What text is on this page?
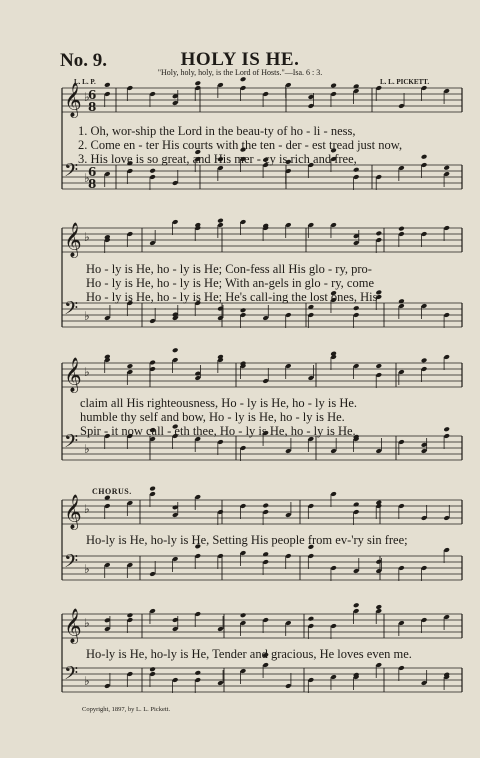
𝄞
𝄢
♭
♭
𝄞
𝄢
♭
♭
𝄞
𝄢
♭
♭
𝄞
𝄢
♭
♭
𝄞
𝄢
♭
♭
6
6
8
8
No. 9.	HOLY IS HE.
"Holy, holy, holy, is the Lord of Hosts."—Isa. 6 : 3.
L. L. P.	L. L. PICKETT.
1. Oh, wor-ship the Lord in the beau-ty of ho - li - ness,
2. Come en - ter His courts with the ten - der - est tread just now,
3. His love is so great, and His mer - cy is rich and free,
Ho - ly is He, ho - ly is He; Con-fess all His glo - ry, pro-
Ho - ly is He, ho - ly is He; With an-gels in glo - ry, come
Ho - ly is He, ho - ly is He; He's call-ing the lost ones, His
claim all His righteousness, Ho - ly is He, ho - ly is He.
humble thy self and bow, Ho - ly is He, ho - ly is He.
Spir - it now call - eth thee, Ho - ly is He, ho - ly is He.
CHORUS.
Ho-ly is He, ho-ly is He, Setting His people from ev-'ry sin free;
Ho-ly is He, ho-ly is He, Tender and gracious, He loves even me.
Copyright, 1897, by L. L. Pickett.
